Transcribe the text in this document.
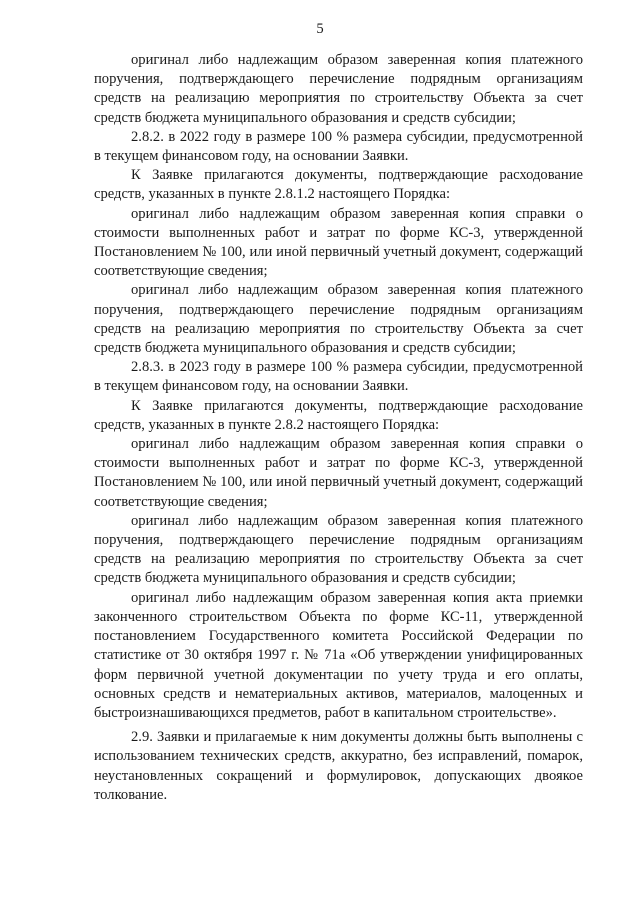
5

оригинал либо надлежащим образом заверенная копия платежного поручения, подтверждающего перечисление подрядным организациям средств на реализацию мероприятия по строительству Объекта за счет средств бюджета муниципального образования и средств субсидии;

2.8.2. в 2022 году в размере 100 % размера субсидии, предусмотренной в текущем финансовом году, на основании Заявки.

К Заявке прилагаются документы, подтверждающие расходование средств, указанных в пункте 2.8.1.2 настоящего Порядка:

оригинал либо надлежащим образом заверенная копия справки о стоимости выполненных работ и затрат по форме КС-3, утвержденной Постановлением № 100, или иной первичный учетный документ, содержащий соответствующие сведения;

оригинал либо надлежащим образом заверенная копия платежного поручения, подтверждающего перечисление подрядным организациям средств на реализацию мероприятия по строительству Объекта за счет средств бюджета муниципального образования и средств субсидии;

2.8.3. в 2023 году в размере 100 % размера субсидии, предусмотренной в текущем финансовом году, на основании Заявки.

К Заявке прилагаются документы, подтверждающие расходование средств, указанных в пункте 2.8.2 настоящего Порядка:

оригинал либо надлежащим образом заверенная копия справки о стоимости выполненных работ и затрат по форме КС-3, утвержденной Постановлением № 100, или иной первичный учетный документ, содержащий соответствующие сведения;

оригинал либо надлежащим образом заверенная копия платежного поручения, подтверждающего перечисление подрядным организациям средств на реализацию мероприятия по строительству Объекта за счет средств бюджета муниципального образования и средств субсидии;

оригинал либо надлежащим образом заверенная копия акта приемки законченного строительством Объекта по форме КС-11, утвержденной постановлением Государственного комитета Российской Федерации по статистике от 30 октября 1997 г. № 71а «Об утверждении унифицированных форм первичной учетной документации по учету труда и его оплаты, основных средств и нематериальных активов, материалов, малоценных и быстроизнашивающихся предметов, работ в капитальном строительстве».

2.9. Заявки и прилагаемые к ним документы должны быть выполнены с использованием технических средств, аккуратно, без исправлений, помарок, неустановленных сокращений и формулировок, допускающих двоякое толкование.
